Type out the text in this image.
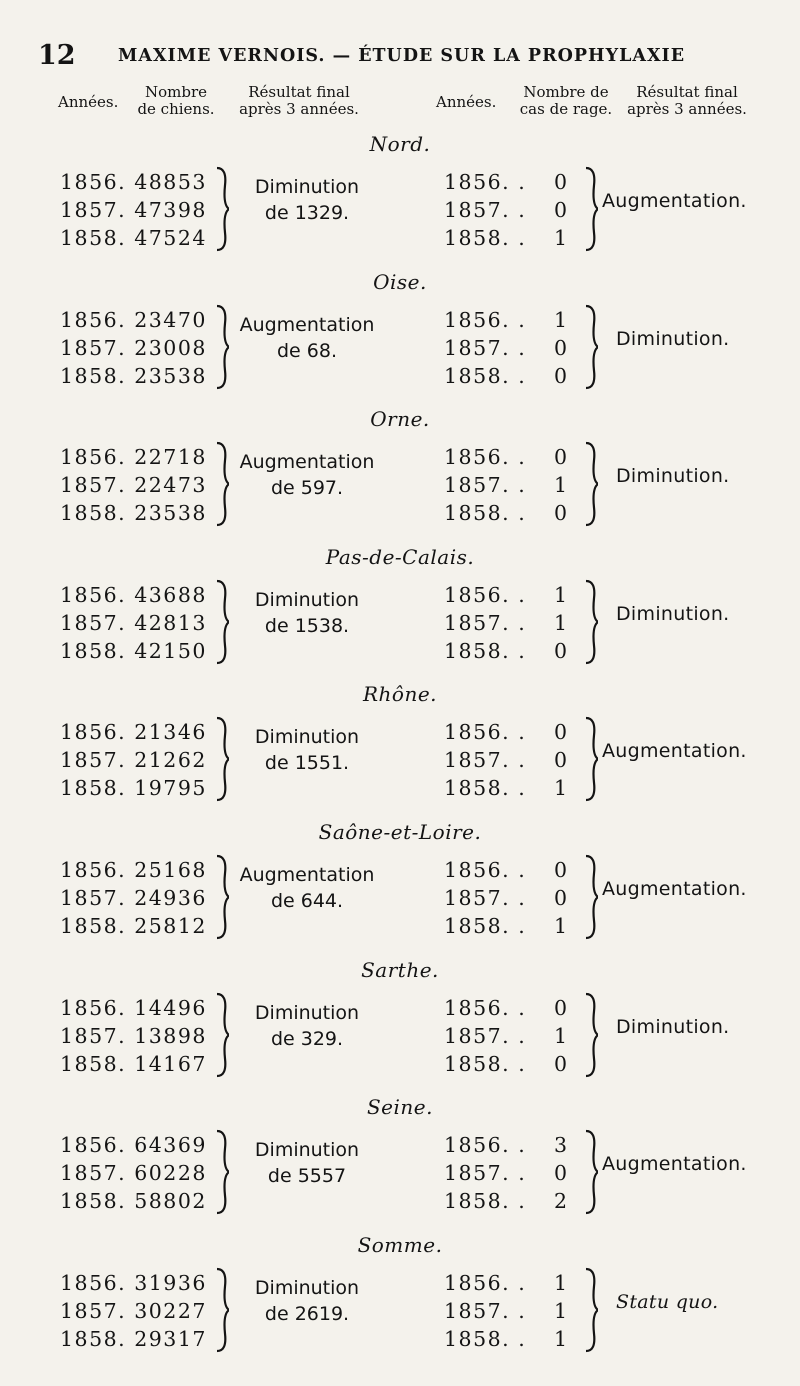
12 MAXIME VERNOIS. — ÉTUDE SUR LA PROPHYLAXIE
Années.
Nombre
de chiens.
Résultat final
après 3 années.	Années.
Nombre de
cas de rage.
Résultat final
après 3 années.
Nord.
1856. 48853
1857. 47398
1858. 47524
Diminution
de 1329.
1856. . 0
1857. . 0
1858. . 1
Augmentation.
Oise.
1856. 23470
1857. 23008
1858. 23538
Augmentation
de 68.
1856. . 1
1857. . 0
1858. . 0
Diminution.
Orne.
1856. 22718
1857. 22473
1858. 23538
Augmentation
de 597.
1856. . 0
1857. . 1
1858. . 0
Diminution.
Pas-de-Calais.
1856. 43688
1857. 42813
1858. 42150
Diminution
de 1538.
1856. . 1
1857. . 1
1858. . 0
Diminution.
Rhône.
1856. 21346
1857. 21262
1858. 19795
Diminution
de 1551.
1856. . 0
1857. . 0
1858. . 1
Augmentation.
Saône-et-Loire.
1856. 25168
1857. 24936
1858. 25812
Augmentation
de 644.
1856. . 0
1857. . 0
1858. . 1
Augmentation.
Sarthe.
1856. 14496
1857. 13898
1858. 14167
Diminution
de 329.
1856. . 0
1857. . 1
1858. . 0
Diminution.
Seine.
1856. 64369
1857. 60228
1858. 58802
Diminution
de 5557
1856. . 3
1857. . 0
1858. . 2
Augmentation.
Somme.
1856. 31936
1857. 30227
1858. 29317
Diminution
de 2619.
1856. . 1
1857. . 1
1858. . 1
Statu quo.
